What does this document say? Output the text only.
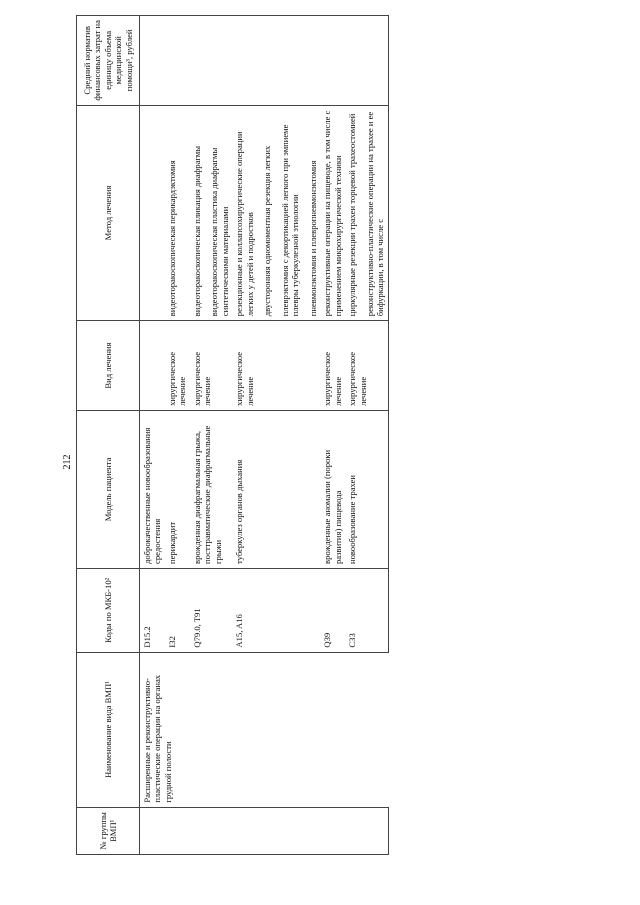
212
№ группы ВМП¹	Наименование вида ВМП¹	Коды по МКБ-10²	Модель пациента	Вид лечения	Метод лечения	Средний норматив финансовых затрат на единицу объема медицинской помощи³, рублей
	Расширенные и реконструктивно-пластические операции на органах грудной полости	D15.2	доброкачественные новообразования средостения			
		I32	перикардит	хирургическое лечение	видеоторакоскопическая перикардэктомия	

		Q79.0, T91	врожденная диафрагмальная грыжа, посттравматические диафрагмальные грыжи	хирургическое лечение	видеоторакоскопическая пликация диафрагмы видеоторакоскопическая пластика диафрагмы синтетическими материалами	

		A15, A16	туберкулез органов дыхания	хирургическое лечение	резекционные и коллапсохирургические операции легких у детей и подростков двусторонняя одномоментная резекция легких плеврэктомия с декортикацией легкого при эмпиеме плевры туберкулезной этиологии пневмонэктомия и плевропневмонэктомия	

		Q39	врожденные аномалии (пороки развития) пищевода	хирургическое лечение	реконструктивные операции на пищеводе, в том числе с применением микрохирургической техники	

		C33	новообразование трахеи	хирургическое лечение	циркулярные резекции трахеи торцевой трахеостомией реконструктивно-пластические операции на трахее и ее бифуркации, в том числе с	
